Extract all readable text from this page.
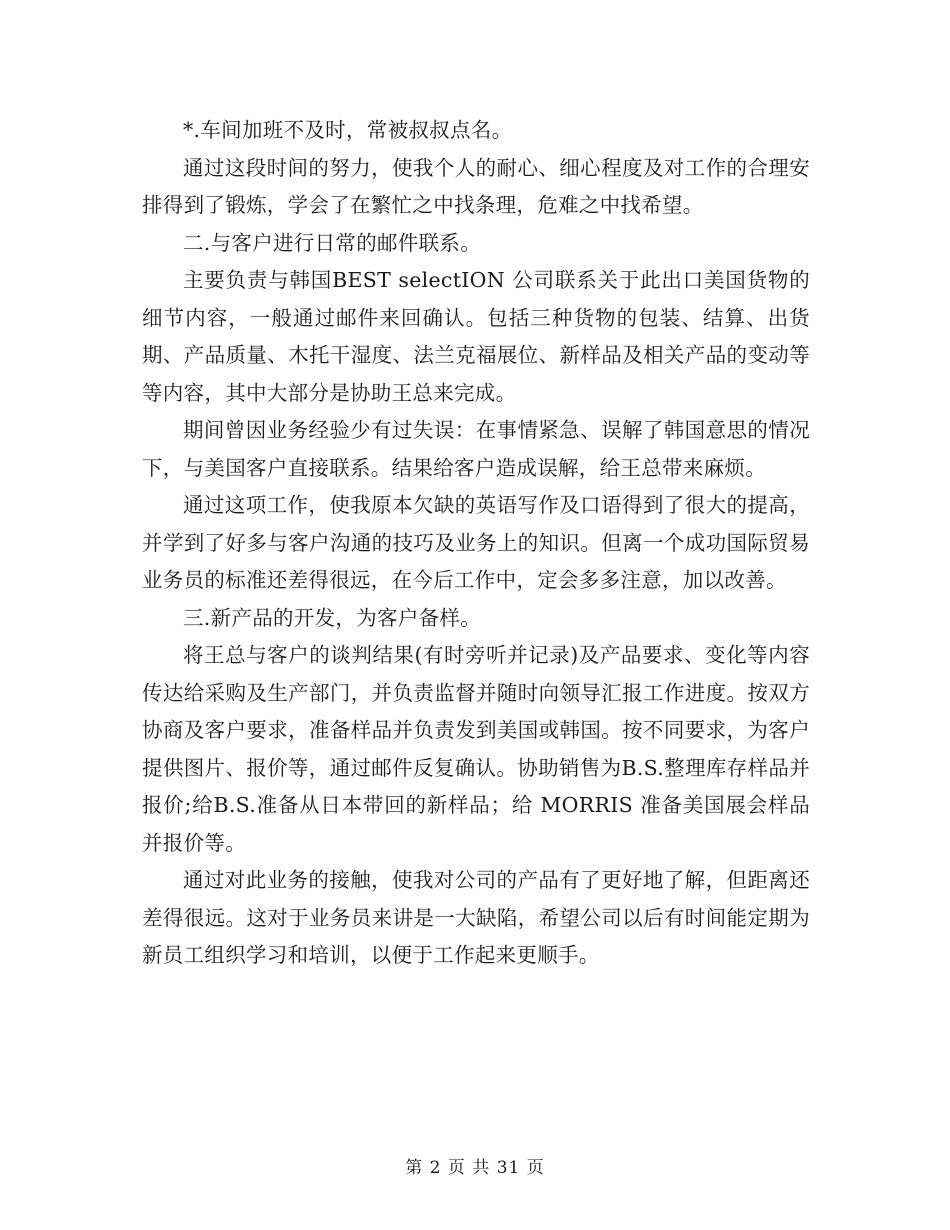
*.车间加班不及时，常被叔叔点名。

通过这段时间的努力，使我个人的耐心、细心程度及对工作的合理安排得到了锻炼，学会了在繁忙之中找条理，危难之中找希望。

二.与客户进行日常的邮件联系。

主要负责与韩国BEST selectION 公司联系关于此出口美国货物的细节内容，一般通过邮件来回确认。包括三种货物的包装、结算、出货期、产品质量、木托干湿度、法兰克福展位、新样品及相关产品的变动等等内容，其中大部分是协助王总来完成。

期间曾因业务经验少有过失误：在事情紧急、误解了韩国意思的情况下，与美国客户直接联系。结果给客户造成误解，给王总带来麻烦。

通过这项工作，使我原本欠缺的英语写作及口语得到了很大的提高，并学到了好多与客户沟通的技巧及业务上的知识。但离一个成功国际贸易业务员的标准还差得很远，在今后工作中，定会多多注意，加以改善。

三.新产品的开发，为客户备样。

将王总与客户的谈判结果(有时旁听并记录)及产品要求、变化等内容传达给采购及生产部门，并负责监督并随时向领导汇报工作进度。按双方协商及客户要求，准备样品并负责发到美国或韩国。按不同要求，为客户提供图片、报价等，通过邮件反复确认。协助销售为B.S.整理库存样品并报价;给B.S.准备从日本带回的新样品；给 MORRIS 准备美国展会样品并报价等。

通过对此业务的接触，使我对公司的产品有了更好地了解，但距离还差得很远。这对于业务员来讲是一大缺陷，希望公司以后有时间能定期为新员工组织学习和培训，以便于工作起来更顺手。

第 2 页 共 31 页
